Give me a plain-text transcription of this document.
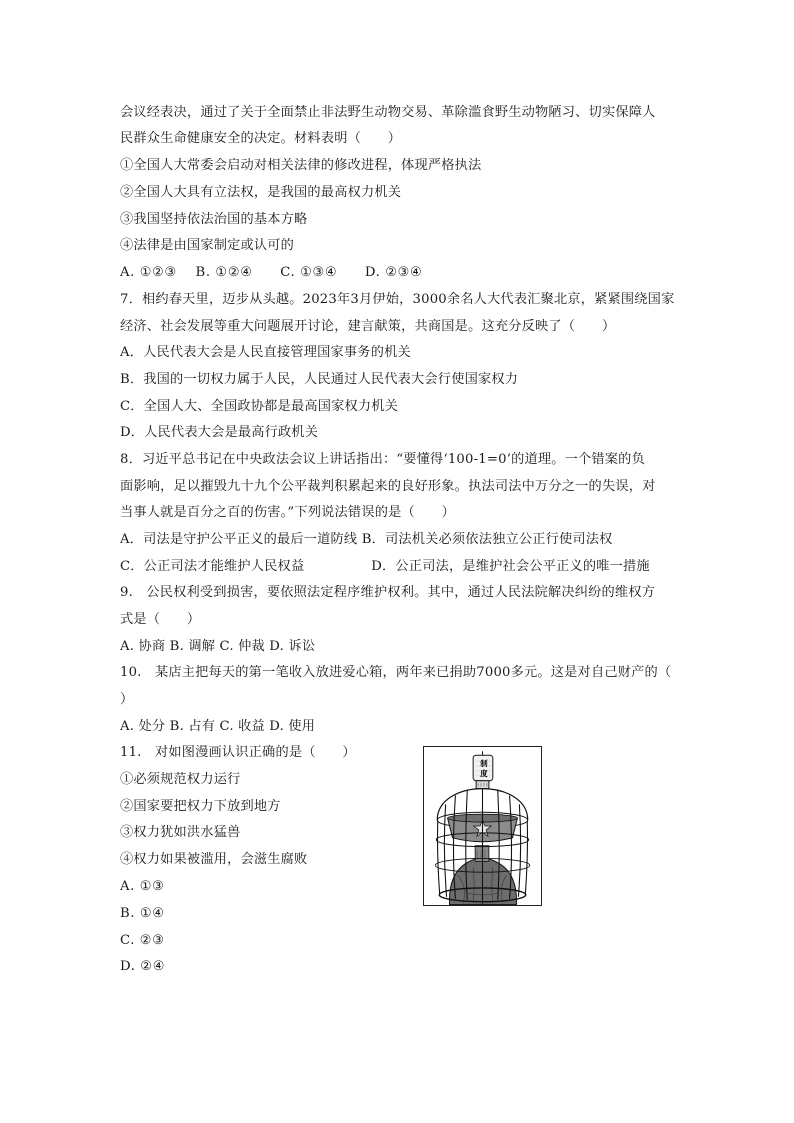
会议经表决，通过了关于全面禁止非法野生动物交易、革除滥食野生动物陋习、切实保障人
民群众生命健康安全的决定。材料表明（　　）
①全国人大常委会启动对相关法律的修改进程，体现严格执法
②全国人大具有立法权，是我国的最高权力机关
③我国坚持依法治国的基本方略
④法律是由国家制定或认可的
A. ①②③　 B. ①②④　　C. ①③④　　D. ②③④
7．相约春天里，迈步从头越。2023年3月伊始，3000余名人大代表汇聚北京，紧紧围绕国家
经济、社会发展等重大问题展开讨论，建言献策，共商国是。这充分反映了（　　）
A．人民代表大会是人民直接管理国家事务的机关
B．我国的一切权力属于人民，人民通过人民代表大会行使国家权力
C．全国人大、全国政协都是最高国家权力机关
D．人民代表大会是最高行政机关
8．习近平总书记在中央政法会议上讲话指出：“要懂得‘100-1=0’的道理。一个错案的负
面影响，足以摧毁九十九个公平裁判积累起来的良好形象。执法司法中万分之一的失误，对
当事人就是百分之百的伤害。”下列说法错误的是（　　）
A．司法是守护公平正义的最后一道防线 B．司法机关必须依法独立公正行使司法权
C．公正司法才能维护人民权益　　　　　D．公正司法，是维护社会公平正义的唯一措施
9.　公民权利受到损害，要依照法定程序维护权利。其中，通过人民法院解决纠纷的维权方
式是（　　）
A. 协商 B. 调解 C. 仲裁 D. 诉讼
10.　某店主把每天的第一笔收入放进爱心箱，两年来已捐助7000多元。这是对自己财产的（
）
A. 处分 B. 占有 C. 收益 D. 使用
11.　对如图漫画认识正确的是（　　）
①必须规范权力运行
②国家要把权力下放到地方
③权力犹如洪水猛兽
④权力如果被滥用，会滋生腐败
A. ①③
B. ①④
C. ②③
D. ②④
制
度
